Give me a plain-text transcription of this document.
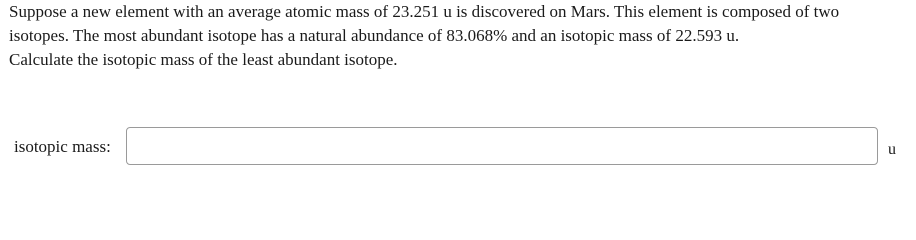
Suppose a new element with an average atomic mass of 23.251 u is discovered on Mars. This element is composed of two

isotopes. The most abundant isotope has a natural abundance of 83.068% and an isotopic mass of 22.593 u.

Calculate the isotopic mass of the least abundant isotope.

isotopic mass:	u
